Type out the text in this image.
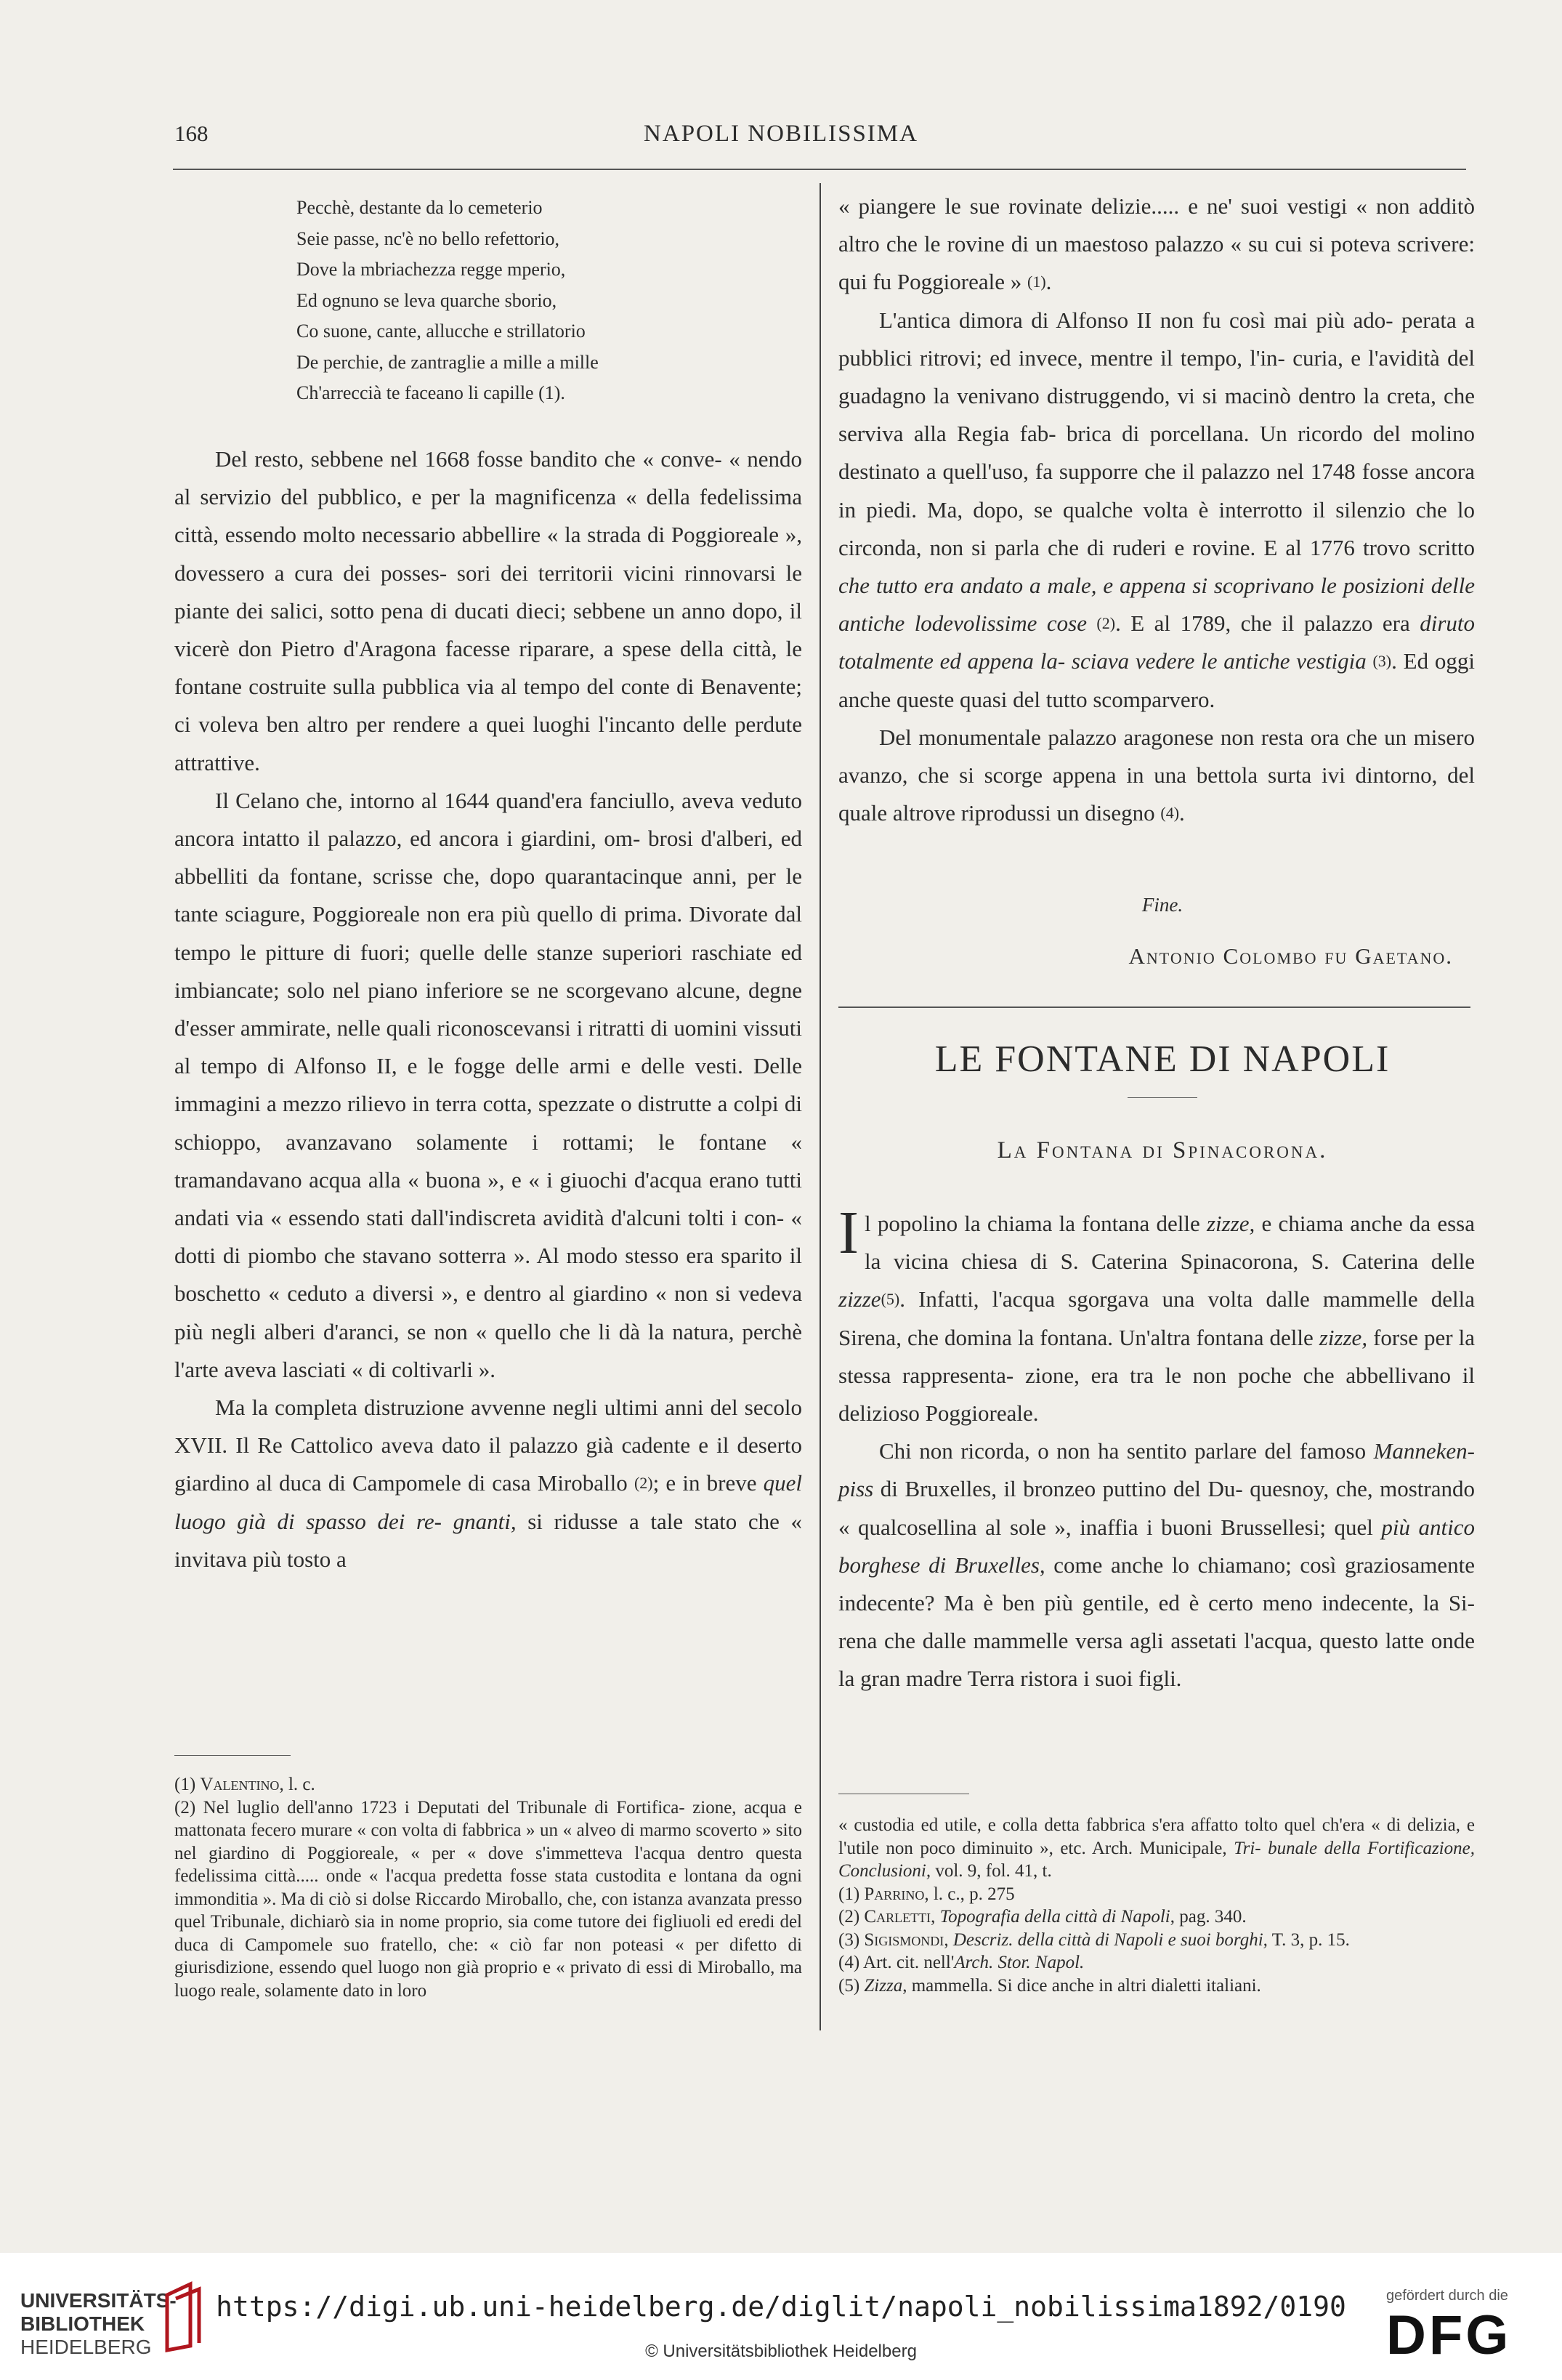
168	NAPOLI NOBILISSIMA
Pecchè, destante da lo cemeterio
Seie passe, nc'è no bello refettorio,
Dove la mbriachezza regge mperio,
Ed ognuno se leva quarche sborio,
Co suone, cante, allucche e strillatorio
De perchie, de zantraglie a mille a mille
Ch'arreccià te faceano li capille (1).

Del resto, sebbene nel 1668 fosse bandito che « conve- « nendo al servizio del pubblico, e per la magnificenza « della fedelissima città, essendo molto necessario abbellire « la strada di Poggioreale », dovessero a cura dei posses- sori dei territorii vicini rinnovarsi le piante dei salici, sotto pena di ducati dieci; sebbene un anno dopo, il vicerè don Pietro d'Aragona facesse riparare, a spese della città, le fontane costruite sulla pubblica via al tempo del conte di Benavente; ci voleva ben altro per rendere a quei luoghi l'incanto delle perdute attrattive.

Il Celano che, intorno al 1644 quand'era fanciullo, aveva veduto ancora intatto il palazzo, ed ancora i giardini, om- brosi d'alberi, ed abbelliti da fontane, scrisse che, dopo quarantacinque anni, per le tante sciagure, Poggioreale non era più quello di prima. Divorate dal tempo le pitture di fuori; quelle delle stanze superiori raschiate ed imbiancate; solo nel piano inferiore se ne scorgevano alcune, degne d'esser ammirate, nelle quali riconoscevansi i ritratti di uomini vissuti al tempo di Alfonso II, e le fogge delle armi e delle vesti. Delle immagini a mezzo rilievo in terra cotta, spezzate o distrutte a colpi di schioppo, avanzavano solamente i rottami; le fontane « tramandavano acqua alla « buona », e « i giuochi d'acqua erano tutti andati via « essendo stati dall'indiscreta avidità d'alcuni tolti i con- « dotti di piombo che stavano sotterra ». Al modo stesso era sparito il boschetto « ceduto a diversi », e dentro al giardino « non si vedeva più negli alberi d'aranci, se non « quello che li dà la natura, perchè l'arte aveva lasciati « di coltivarli ».

Ma la completa distruzione avvenne negli ultimi anni del secolo XVII. Il Re Cattolico aveva dato il palazzo già cadente e il deserto giardino al duca di Campomele di casa Miroballo (2); e in breve quel luogo già di spasso dei re- gnanti, si ridusse a tale stato che « invitava più tosto a

(1) Valentino, l. c.
(2) Nel luglio dell'anno 1723 i Deputati del Tribunale di Fortifica- zione, acqua e mattonata fecero murare « con volta di fabbrica » un « alveo di marmo scoverto » sito nel giardino di Poggioreale, « per « dove s'immetteva l'acqua dentro questa fedelissima città..... onde « l'acqua predetta fosse stata custodita e lontana da ogni immonditia ». Ma di ciò si dolse Riccardo Miroballo, che, con istanza avanzata presso quel Tribunale, dichiarò sia in nome proprio, sia come tutore dei figliuoli ed eredi del duca di Campomele suo fratello, che: « ciò far non poteasi « per difetto di giurisdizione, essendo quel luogo non già proprio e « privato di essi di Miroballo, ma luogo reale, solamente dato in loro

« piangere le sue rovinate delizie..... e ne' suoi vestigi « non additò altro che le rovine di un maestoso palazzo « su cui si poteva scrivere: qui fu Poggioreale » (1).

L'antica dimora di Alfonso II non fu così mai più ado- perata a pubblici ritrovi; ed invece, mentre il tempo, l'in- curia, e l'avidità del guadagno la venivano distruggendo, vi si macinò dentro la creta, che serviva alla Regia fab- brica di porcellana. Un ricordo del molino destinato a quell'uso, fa supporre che il palazzo nel 1748 fosse ancora in piedi. Ma, dopo, se qualche volta è interrotto il silenzio che lo circonda, non si parla che di ruderi e rovine. E al 1776 trovo scritto che tutto era andato a male, e appena si scoprivano le posizioni delle antiche lodevolissime cose (2). E al 1789, che il palazzo era diruto totalmente ed appena la- sciava vedere le antiche vestigia (3). Ed oggi anche queste quasi del tutto scomparvero.

Del monumentale palazzo aragonese non resta ora che un misero avanzo, che si scorge appena in una bettola surta ivi dintorno, del quale altrove riprodussi un disegno (4).

Fine.
Antonio Colombo fu Gaetano.
LE FONTANE DI NAPOLI
La Fontana di Spinacorona.

Il popolino la chiama la fontana delle zizze, e chiama anche da essa la vicina chiesa di S. Caterina Spinacorona, S. Caterina delle zizze(5). Infatti, l'acqua sgorgava una volta dalle mammelle della Sirena, che domina la fontana. Un'altra fontana delle zizze, forse per la stessa rappresenta- zione, era tra le non poche che abbellivano il delizioso Poggioreale.

Chi non ricorda, o non ha sentito parlare del famoso Manneken-piss di Bruxelles, il bronzeo puttino del Du- quesnoy, che, mostrando « qualcosellina al sole », inaffia i buoni Brussellesi; quel più antico borghese di Bruxelles, come anche lo chiamano; così graziosamente indecente? Ma è ben più gentile, ed è certo meno indecente, la Si- rena che dalle mammelle versa agli assetati l'acqua, questo latte onde la gran madre Terra ristora i suoi figli.

« custodia ed utile, e colla detta fabbrica s'era affatto tolto quel ch'era « di delizia, e l'utile non poco diminuito », etc. Arch. Municipale, Tri- bunale della Fortificazione, Conclusioni, vol. 9, fol. 41, t.
(1) Parrino, l. c., p. 275
(2) Carletti, Topografia della città di Napoli, pag. 340.
(3) Sigismondi, Descriz. della città di Napoli e suoi borghi, T. 3, p. 15.
(4) Art. cit. nell'Arch. Stor. Napol.
(5) Zizza, mammella. Si dice anche in altri dialetti italiani.
UNIVERSITÄTS-
BIBLIOTHEK
HEIDELBERG
https://digi.ub.uni-heidelberg.de/diglit/napoli_nobilissima1892/0190
© Universitätsbibliothek Heidelberg
gefördert durch die
DFG
